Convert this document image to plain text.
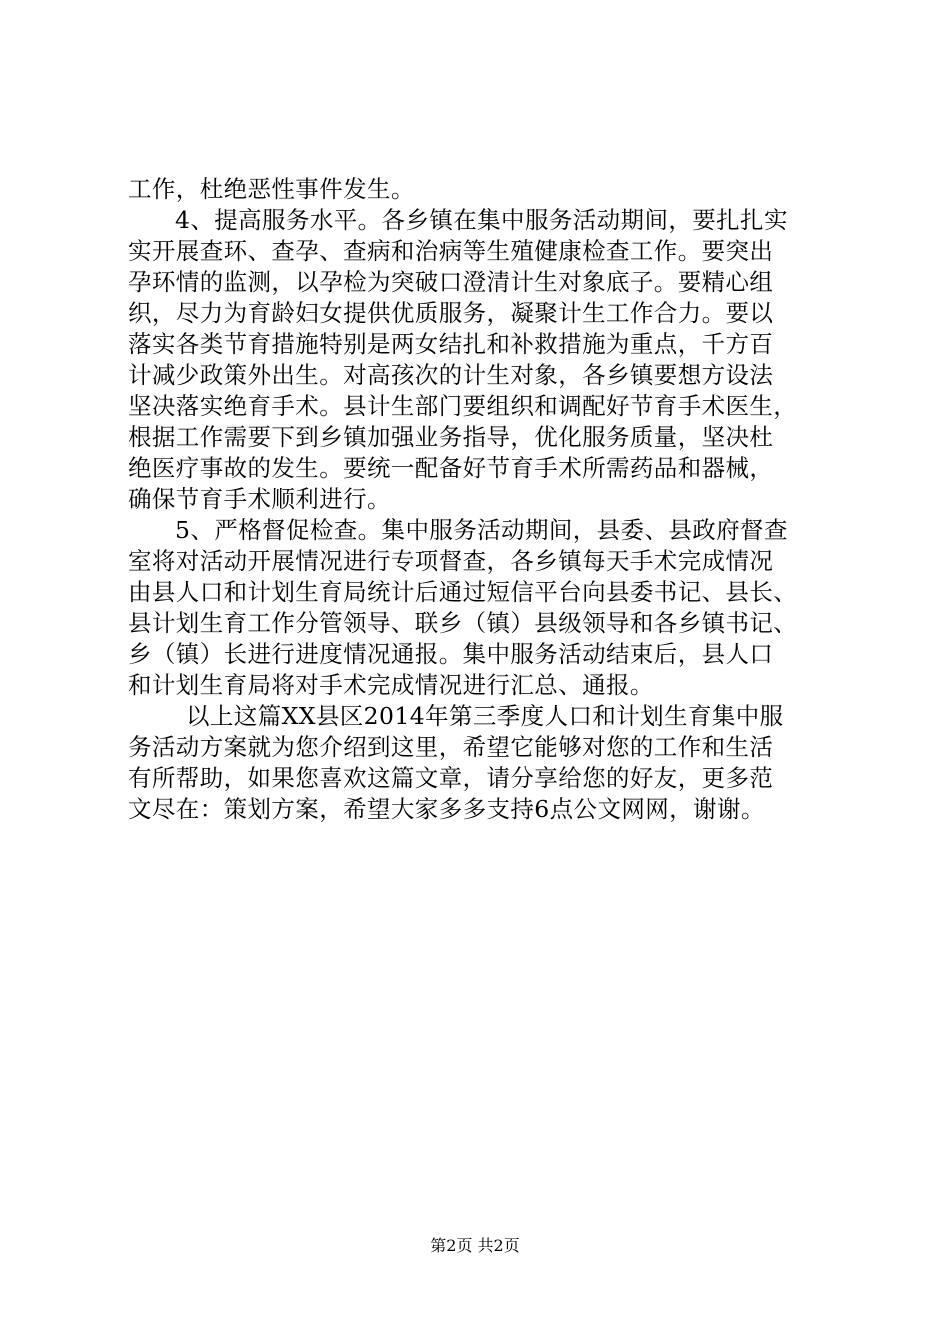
工作，杜绝恶性事件发生。
4、提高服务水平。各乡镇在集中服务活动期间，要扎扎实
实开展查环、查孕、查病和治病等生殖健康检查工作。要突出
孕环情的监测，以孕检为突破口澄清计生对象底子。要精心组
织，尽力为育龄妇女提供优质服务，凝聚计生工作合力。要以
落实各类节育措施特别是两女结扎和补救措施为重点，千方百
计减少政策外出生。对高孩次的计生对象，各乡镇要想方设法
坚决落实绝育手术。县计生部门要组织和调配好节育手术医生，
根据工作需要下到乡镇加强业务指导，优化服务质量，坚决杜
绝医疗事故的发生。要统一配备好节育手术所需药品和器械，
确保节育手术顺利进行。
5、严格督促检查。集中服务活动期间，县委、县政府督查
室将对活动开展情况进行专项督查，各乡镇每天手术完成情况
由县人口和计划生育局统计后通过短信平台向县委书记、县长、
县计划生育工作分管领导、联乡（镇）县级领导和各乡镇书记、
乡（镇）长进行进度情况通报。集中服务活动结束后，县人口
和计划生育局将对手术完成情况进行汇总、通报。
以上这篇XX县区2014年第三季度人口和计划生育集中服
务活动方案就为您介绍到这里，希望它能够对您的工作和生活
有所帮助，如果您喜欢这篇文章，请分享给您的好友，更多范
文尽在：策划方案，希望大家多多支持6点公文网网，谢谢。
第2页 共2页
